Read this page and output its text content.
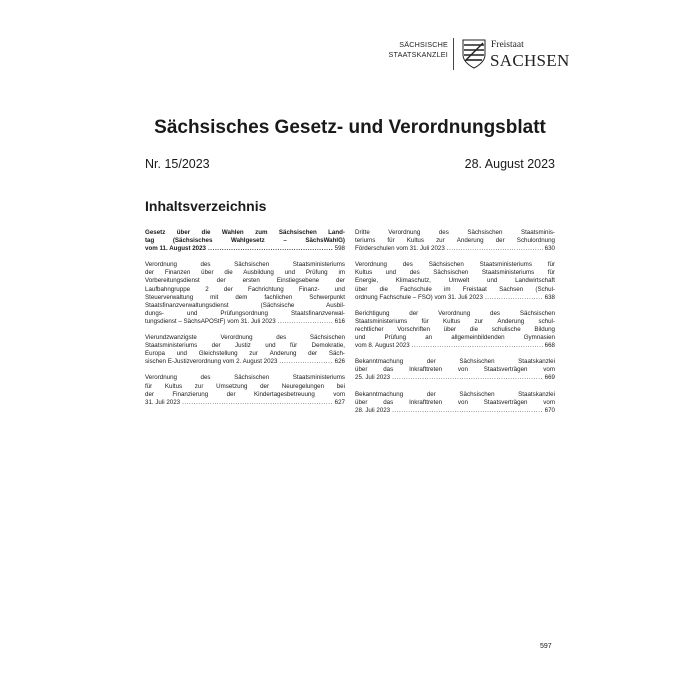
SÄCHSISCHE
STAATSKANZLEI
Freistaat
SACHSEN
Sächsisches Gesetz- und Verordnungsblatt
Nr. 15/2023	28. August 2023
Inhaltsverzeichnis
Gesetz über die Wahlen zum Sächsischen Land-
tag (Sächsisches Wahlgesetz – SächsWahlG)
vom 11. August 2023 .....	598
Verordnung des Sächsischen Staatsministeriums
der Finanzen über die Ausbildung und Prüfung im
Vorbereitungsdienst der ersten Einstiegsebene der
Laufbahngruppe 2 der Fachrichtung Finanz- und
Steuerverwaltung mit dem fachlichen Schwerpunkt
Staatsfinanzverwaltungsdienst (Sächsische Ausbil-
dungs- und Prüfungsordnung Staatsfinanzverwal-
tungsdienst – SächsAPOStF) vom 31. Juli 2023 .....	616
Vierundzwanzigste Verordnung des Sächsischen
Staatsministeriums der Justiz und für Demokratie,
Europa und Gleichstellung zur Änderung der Säch-
sischen E-Justizverordnung vom 2. August 2023 .....	626
Verordnung des Sächsischen Staatsministeriums
für Kultus zur Umsetzung der Neuregelungen bei
der Finanzierung der Kindertagesbetreuung vom
31. Juli 2023 .....	627
Dritte Verordnung des Sächsischen Staatsminis-
teriums für Kultus zur Änderung der Schulordnung
Förderschulen vom 31. Juli 2023 .....	630
Verordnung des Sächsischen Staatsministeriums für
Kultus und des Sächsischen Staatsministeriums für
Energie, Klimaschutz, Umwelt und Landwirtschaft
über die Fachschule im Freistaat Sachsen (Schul-
ordnung Fachschule – FSO) vom 31. Juli 2023 .....	638
Berichtigung der Verordnung des Sächsischen
Staatsministeriums für Kultus zur Änderung schul-
rechtlicher Vorschriften über die schulische Bildung
und Prüfung an allgemeinbildenden Gymnasien
vom 8. August 2023 .....	668
Bekanntmachung der Sächsischen Staatskanzlei
über das Inkrafttreten von Staatsverträgen vom
25. Juli 2023 .....	669
Bekanntmachung der Sächsischen Staatskanzlei
über das Inkrafttreten von Staatsverträgen vom
28. Juli 2023 .....	670
597
